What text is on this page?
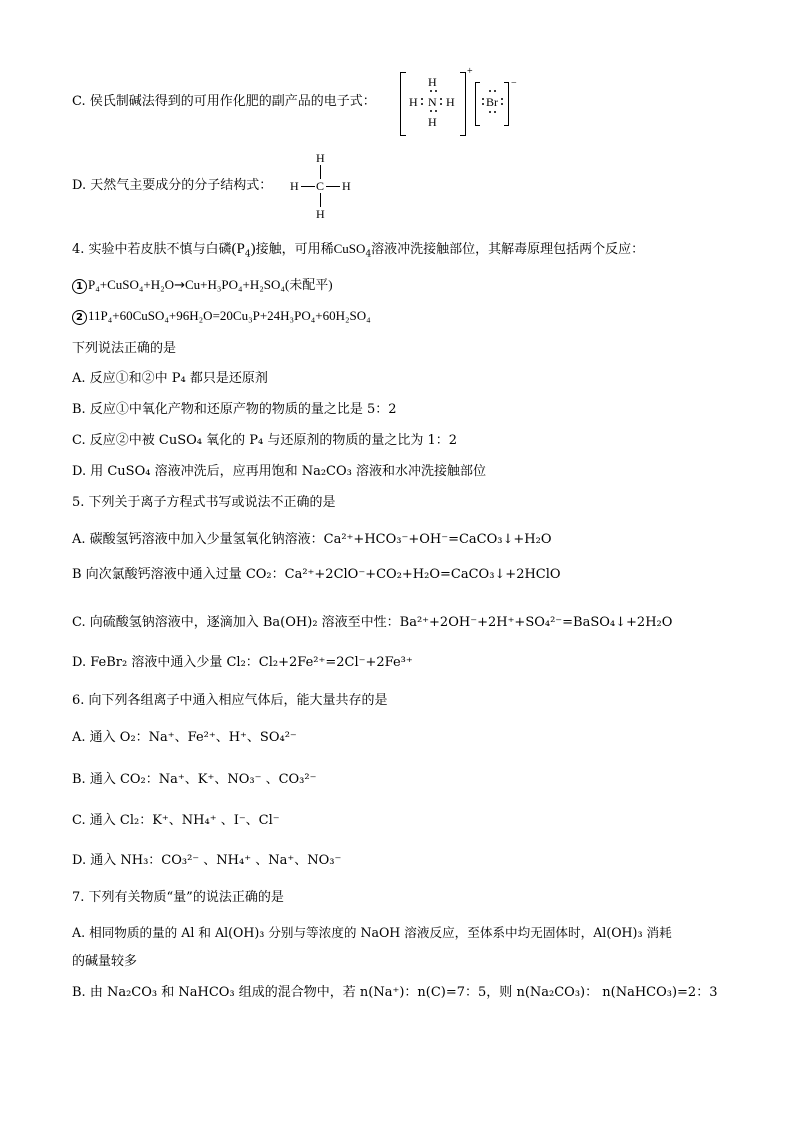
C. 侯氏制碱法得到的可用作化肥的副产品的电子式：
H
H N H
H
+
Br
−
D. 天然气主要成分的分子结构式：
H
H C H
H
4. 实验中若皮肤不慎与白磷$(P_4)$接触，可用稀CuSO$_4$溶液冲洗接触部位，其解毒原理包括两个反应：
1 P₄+CuSO₄+H₂O→Cu+H₃PO₄+H₂SO₄(未配平)
2 11P₄+60CuSO₄+96H₂O=20Cu₃P+24H₃PO₄+60H₂SO₄
下列说法正确的是
A. 反应①和②中 P₄ 都只是还原剂
B. 反应①中氧化产物和还原产物的物质的量之比是 5：2
C. 反应②中被 CuSO₄ 氧化的 P₄ 与还原剂的物质的量之比为 1：2
D. 用 CuSO₄ 溶液冲洗后，应再用饱和 Na₂CO₃ 溶液和水冲洗接触部位
5. 下列关于离子方程式书写或说法不正确的是
A. 碳酸氢钙溶液中加入少量氢氧化钠溶液：Ca²⁺+HCO₃⁻+OH⁻=CaCO₃↓+H₂O
B 向次氯酸钙溶液中通入过量 CO₂：Ca²⁺+2ClO⁻+CO₂+H₂O=CaCO₃↓+2HClO
C. 向硫酸氢钠溶液中，逐滴加入 Ba(OH)₂ 溶液至中性：Ba²⁺+2OH⁻+2H⁺+SO₄²⁻=BaSO₄↓+2H₂O
D. FeBr₂ 溶液中通入少量 Cl₂：Cl₂+2Fe²⁺=2Cl⁻+2Fe³⁺
6. 向下列各组离子中通入相应气体后，能大量共存的是
A. 通入 O₂：Na⁺、Fe²⁺、H⁺、SO₄²⁻
B. 通入 CO₂：Na⁺、K⁺、NO₃⁻ 、CO₃²⁻
C. 通入 Cl₂：K⁺、NH₄⁺ 、I⁻、Cl⁻
D. 通入 NH₃：CO₃²⁻ 、NH₄⁺ 、Na⁺、NO₃⁻
7. 下列有关物质“量”的说法正确的是
A. 相同物质的量的 Al 和 Al(OH)₃ 分别与等浓度的 NaOH 溶液反应，至体系中均无固体时，Al(OH)₃ 消耗
的碱量较多
B. 由 Na₂CO₃ 和 NaHCO₃ 组成的混合物中，若 n(Na⁺)：n(C)=7：5，则 n(Na₂CO₃)： n(NaHCO₃)=2：3
